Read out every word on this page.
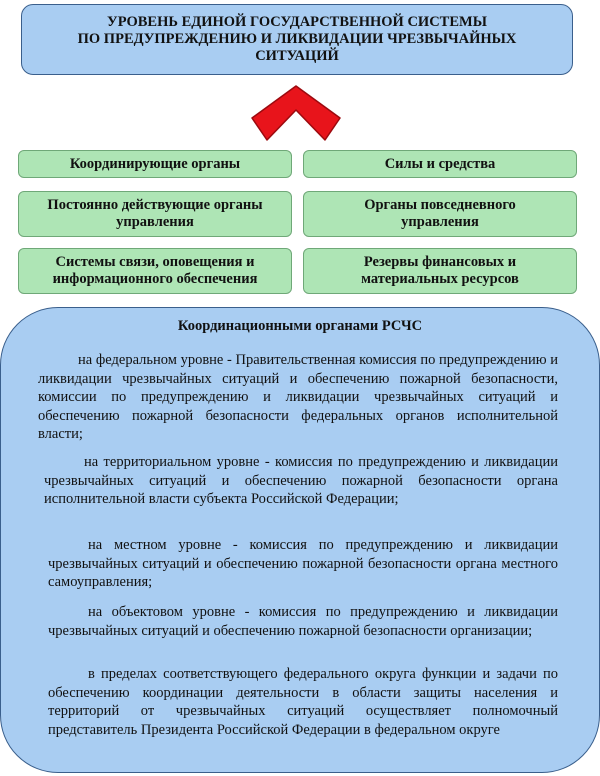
УРОВЕНЬ ЕДИНОЙ ГОСУДАРСТВЕННОЙ СИСТЕМЫ
ПО ПРЕДУПРЕЖДЕНИЮ И ЛИКВИДАЦИИ ЧРЕЗВЫЧАЙНЫХ
СИТУАЦИЙ
Координирующие органы
Постоянно действующие органы
управления
Системы связи, оповещения и
информационного обеспечения
Силы и средства
Органы повседневного
управления
Резервы финансовых и
материальных ресурсов
Координационными органами РСЧС

на федеральном уровне - Правительственная комиссия по предупреждению и ликвидации чрезвычайных ситуаций и обеспечению пожарной безопасности, комиссии по предупреждению и ликвидации чрезвычайных ситуаций и обеспечению пожарной безопасности федеральных органов исполнительной власти;

на территориальном уровне - комиссия по предупреждению и ликвидации чрезвычайных ситуаций и обеспечению пожарной безопасности органа исполнительной власти субъекта Российской Федерации;

на местном уровне - комиссия по предупреждению и ликвидации чрезвычайных ситуаций и обеспечению пожарной безопасности органа местного самоуправления;

на объектовом уровне - комиссия по предупреждению и ликвидации чрезвычайных ситуаций и обеспечению пожарной безопасности организации;

в пределах соответствующего федерального округа функции и задачи по обеспечению координации деятельности в области защиты населения и территорий от чрезвычайных ситуаций осуществляет полномочный представитель Президента Российской Федерации в федеральном округе
